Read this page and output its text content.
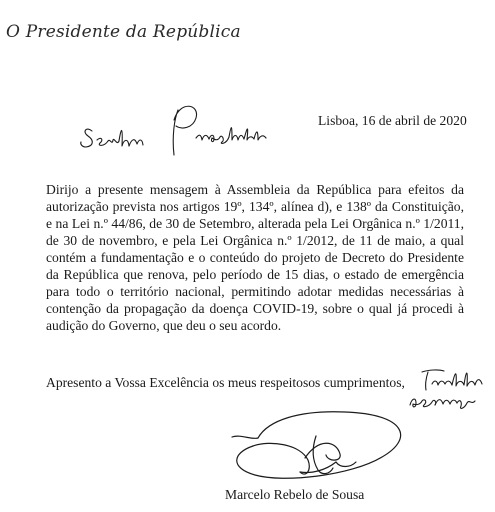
O Presidente da República
Lisboa, 16 de abril de 2020
Dirijo a presente mensagem à Assembleia da República para efeitos da autorização prevista nos artigos 19º, 134º, alínea d), e 138º da Constituição, e na Lei n.º 44/86, de 30 de Setembro, alterada pela Lei Orgânica n.º 1/2011, de 30 de novembro, e pela Lei Orgânica n.º 1/2012, de 11 de maio, a qual contém a fundamentação e o conteúdo do projeto de Decreto do Presidente da República que renova, pelo período de 15 dias, o estado de emergência para todo o território nacional, permitindo adotar medidas necessárias à contenção da propagação da doença COVID-19, sobre o qual já procedi à audição do Governo, que deu o seu acordo.
Apresento a Vossa Excelência os meus respeitosos cumprimentos,
Marcelo Rebelo de Sousa
